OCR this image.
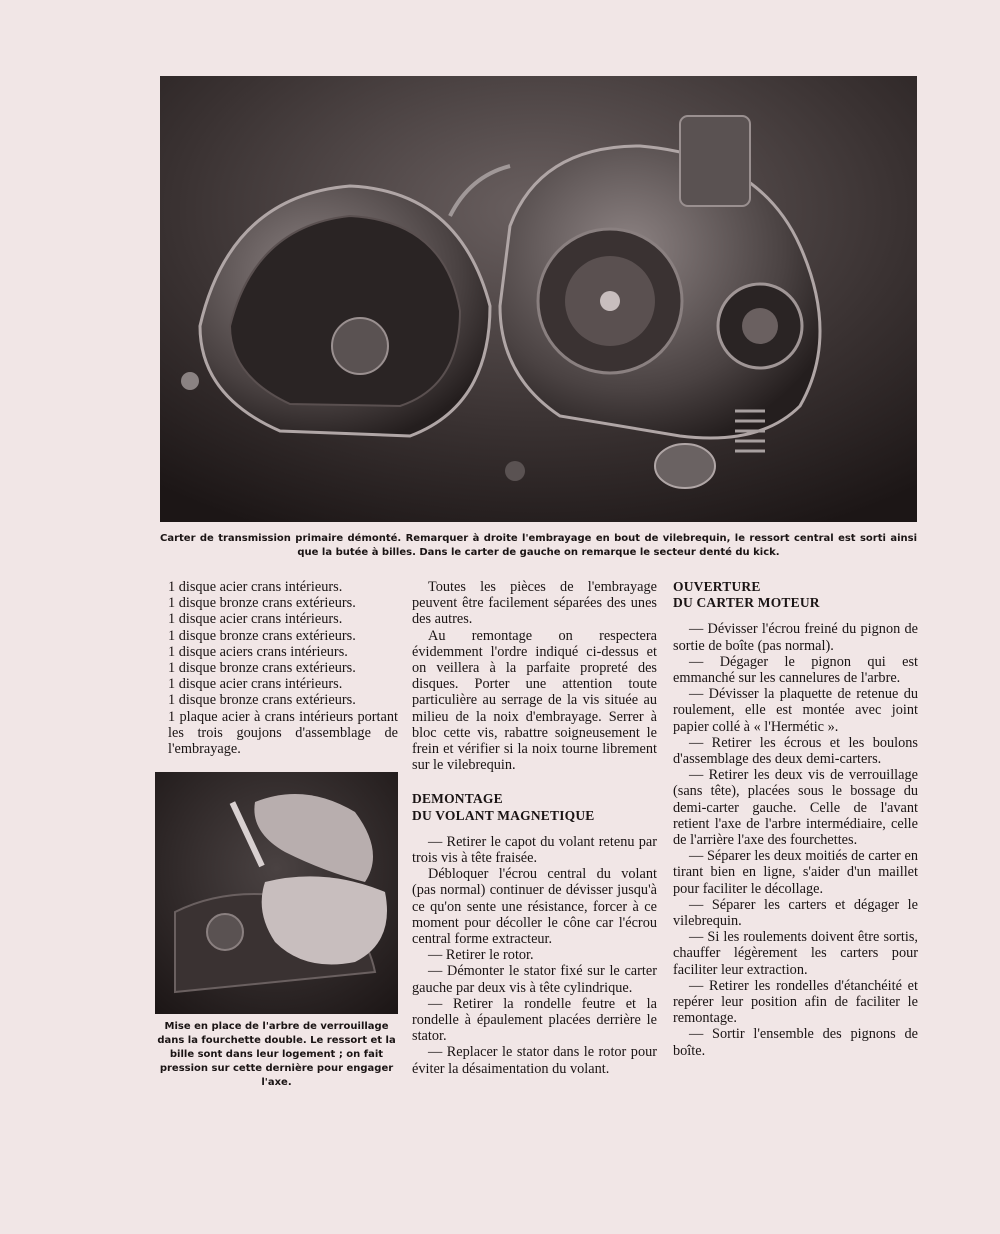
Carter de transmission primaire démonté. Remarquer à droite l'embrayage en bout de vilebrequin, le ressort central est sorti ainsi
que la butée à billes. Dans le carter de gauche on remarque le secteur denté du kick.

1 disque acier crans intérieurs.

1 disque bronze crans extérieurs.

1 disque acier crans intérieurs.

1 disque bronze crans extérieurs.

1 disque aciers crans intérieurs.

1 disque bronze crans extérieurs.

1 disque acier crans intérieurs.

1 disque bronze crans extérieurs.

1 plaque acier à crans intérieurs portant les trois goujons d'assemblage de l'embrayage.

Mise en place de l'arbre de verrouillage dans la fourchette double. Le ressort et la bille sont dans leur logement ; on fait pression sur cette dernière pour engager l'axe.

Toutes les pièces de l'embrayage peuvent être facilement séparées des unes des autres.

Au remontage on respectera évidemment l'ordre indiqué ci-dessus et on veillera à la parfaite propreté des disques. Porter une attention toute particulière au serrage de la vis située au milieu de la noix d'embrayage. Serrer à bloc cette vis, rabattre soigneusement le frein et vérifier si la noix tourne librement sur le vilebrequin.

DEMONTAGE

DU VOLANT MAGNETIQUE

— Retirer le capot du volant retenu par trois vis à tête fraisée.

Débloquer l'écrou central du volant (pas normal) continuer de dévisser jusqu'à ce qu'on sente une résistance, forcer à ce moment pour décoller le cône car l'écrou central forme extracteur.

— Retirer le rotor.

— Démonter le stator fixé sur le carter gauche par deux vis à tête cylindrique.

— Retirer la rondelle feutre et la rondelle à épaulement placées derrière le stator.

— Replacer le stator dans le rotor pour éviter la désaimentation du volant.

OUVERTURE

DU CARTER MOTEUR

— Dévisser l'écrou freiné du pignon de sortie de boîte (pas normal).

— Dégager le pignon qui est emmanché sur les cannelures de l'arbre.

— Dévisser la plaquette de retenue du roulement, elle est montée avec joint papier collé à « l'Hermétic ».

— Retirer les écrous et les boulons d'assemblage des deux demi-carters.

— Retirer les deux vis de verrouillage (sans tête), placées sous le bossage du demi-carter gauche. Celle de l'avant retient l'axe de l'arbre intermédiaire, celle de l'arrière l'axe des fourchettes.

— Séparer les deux moitiés de carter en tirant bien en ligne, s'aider d'un maillet pour faciliter le décollage.

— Séparer les carters et dégager le vilebrequin.

— Si les roulements doivent être sortis, chauffer légèrement les carters pour faciliter leur extraction.

— Retirer les rondelles d'étanchéité et repérer leur position afin de faciliter le remontage.

— Sortir l'ensemble des pignons de boîte.
